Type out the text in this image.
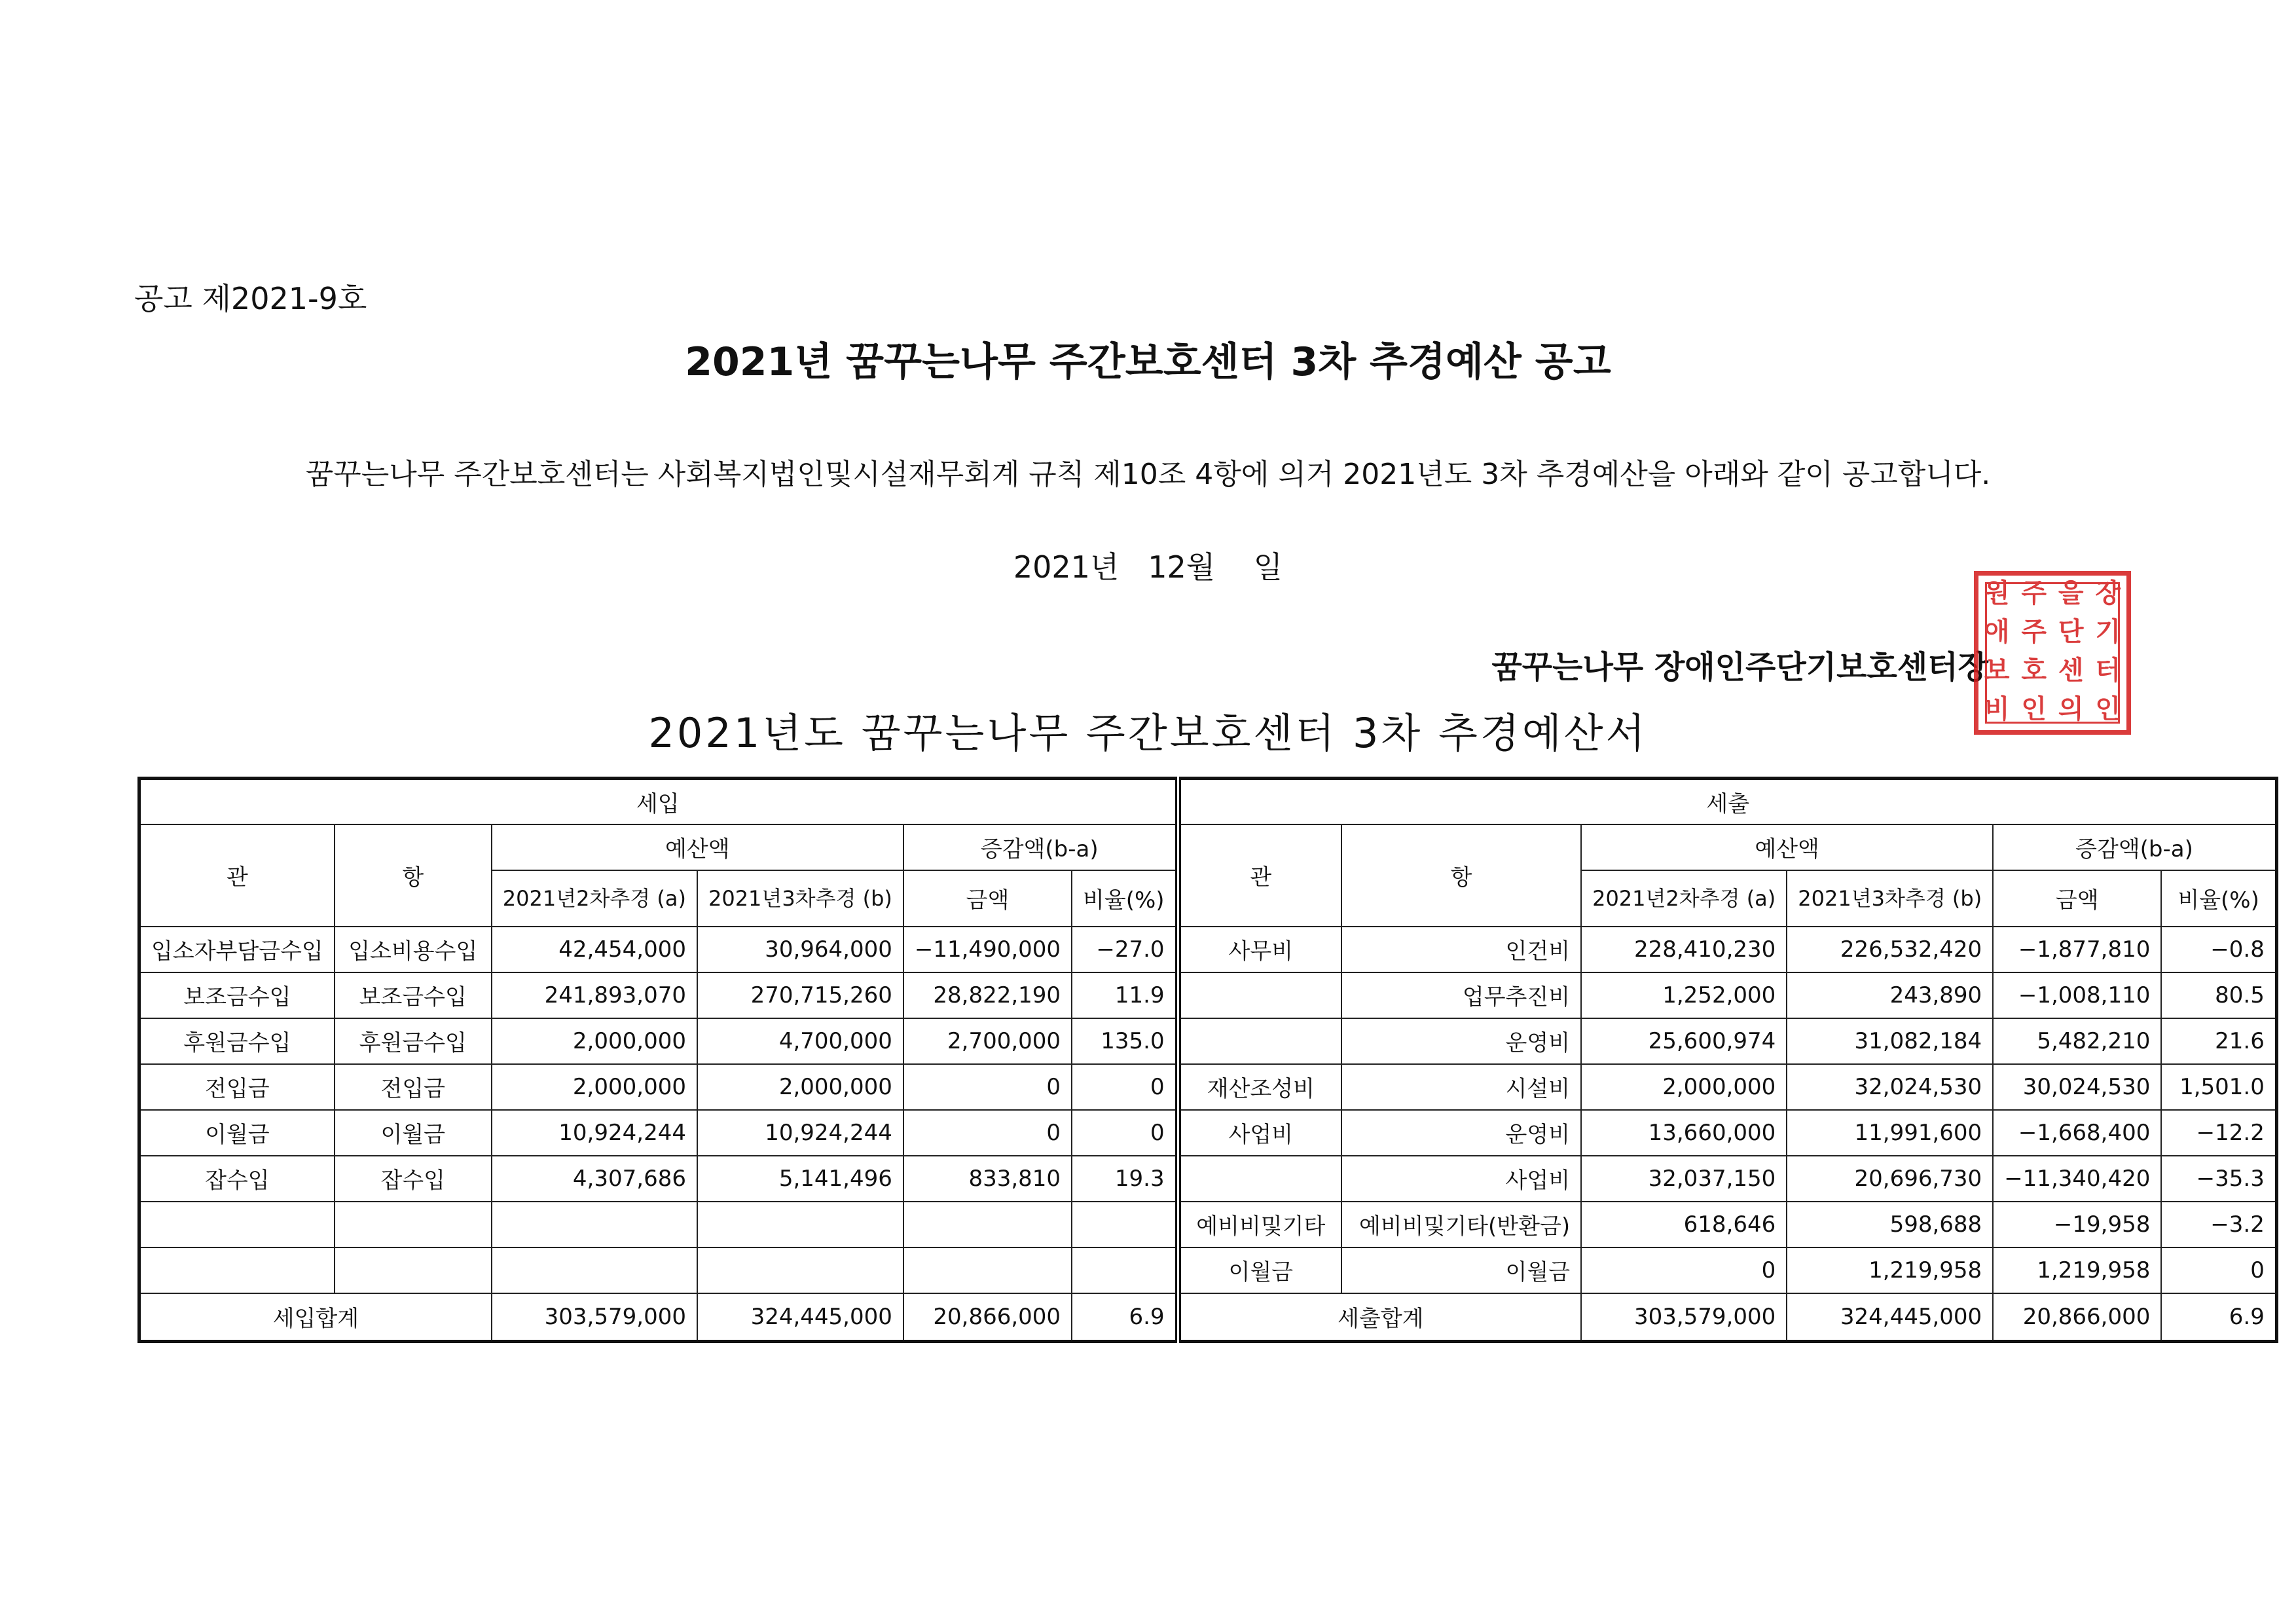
공고 제2021-9호
2021년 꿈꾸는나무 주간보호센터 3차 추경예산 공고
꿈꾸는나무 주간보호센터는 사회복지법인및시설재무회계 규칙 제10조 4항에 의거 2021년도 3차 추경예산을 아래와 같이 공고합니다.
2021년   12월    일
꿈꾸는나무 장애인주단기보호센터장
원 주 을 장
애 주 단 기
보 호 센 터
비 인 의 인
2021년도 꿈꾸는나무 주간보호센터 3차 추경예산서
세입						세출					
관	항	예산액		증감액(b-a)		관	항	예산액		증감액(b-a)	
		2021년2차추경 (a)	2021년3차추경 (b)	금액	비율(%)			2021년2차추경 (a)	2021년3차추경 (b)	금액	비율(%)
입소자부담금수입	입소비용수입	42,454,000	30,964,000	−11,490,000	−27.0	사무비	인건비	228,410,230	226,532,420	−1,877,810	−0.8
보조금수입	보조금수입	241,893,070	270,715,260	28,822,190	11.9		업무추진비	1,252,000	243,890	−1,008,110	80.5
후원금수입	후원금수입	2,000,000	4,700,000	2,700,000	135.0		운영비	25,600,974	31,082,184	5,482,210	21.6
전입금	전입금	2,000,000	2,000,000	0	0	재산조성비	시설비	2,000,000	32,024,530	30,024,530	1,501.0
이월금	이월금	10,924,244	10,924,244	0	0	사업비	운영비	13,660,000	11,991,600	−1,668,400	−12.2
잡수입	잡수입	4,307,686	5,141,496	833,810	19.3		사업비	32,037,150	20,696,730	−11,340,420	−35.3
						예비비및기타	예비비및기타(반환금)	618,646	598,688	−19,958	−3.2
						이월금	이월금	0	1,219,958	1,219,958	0
세입합계		303,579,000	324,445,000	20,866,000	6.9	세출합계		303,579,000	324,445,000	20,866,000	6.9
